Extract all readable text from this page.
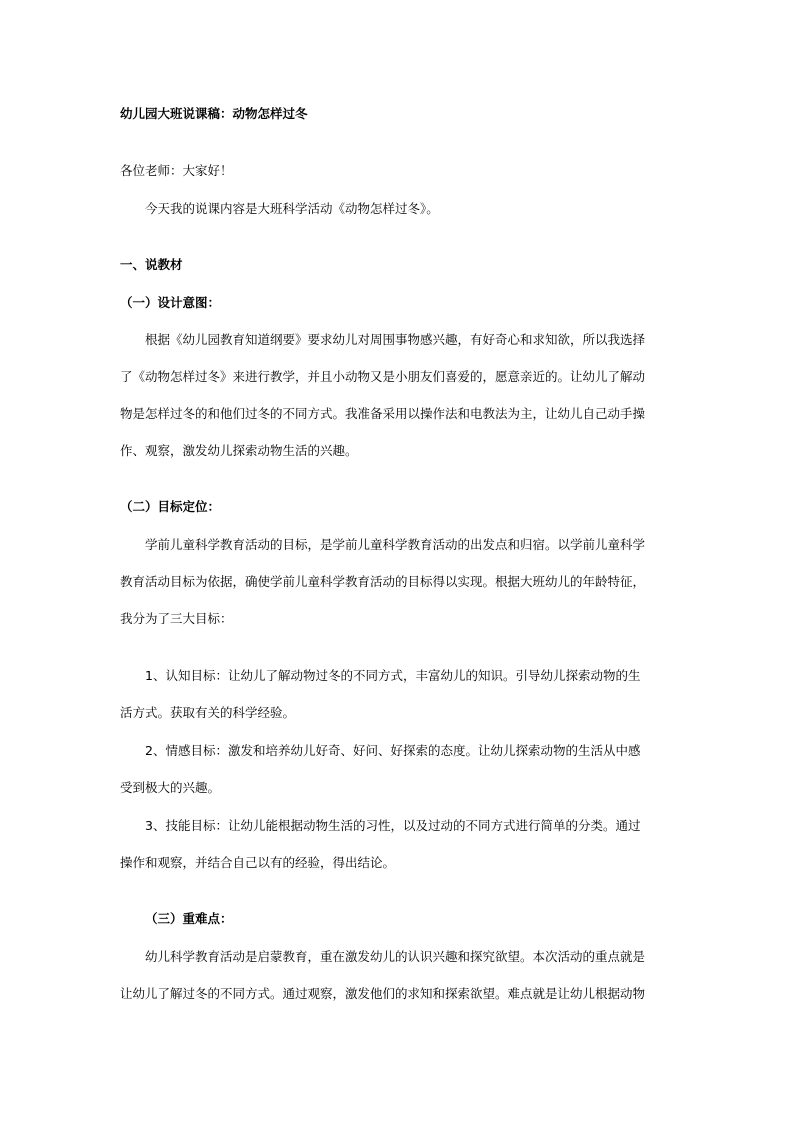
幼儿园大班说课稿：动物怎样过冬
各位老师：大家好！
今天我的说课内容是大班科学活动《动物怎样过冬》。
一、说教材
（一）设计意图：
根据《幼儿园教育知道纲要》要求幼儿对周围事物感兴趣，有好奇心和求知欲，所以我选择
了《动物怎样过冬》来进行教学，并且小动物又是小朋友们喜爱的，愿意亲近的。让幼儿了解动
物是怎样过冬的和他们过冬的不同方式。我准备采用以操作法和电教法为主，让幼儿自己动手操
作、观察，激发幼儿探索动物生活的兴趣。
（二）目标定位：
学前儿童科学教育活动的目标，是学前儿童科学教育活动的出发点和归宿。以学前儿童科学
教育活动目标为依据，确使学前儿童科学教育活动的目标得以实现。根据大班幼儿的年龄特征，
我分为了三大目标：
1、认知目标：让幼儿了解动物过冬的不同方式，丰富幼儿的知识。引导幼儿探索动物的生
活方式。获取有关的科学经验。
2、情感目标：激发和培养幼儿好奇、好问、好探索的态度。让幼儿探索动物的生活从中感
受到极大的兴趣。
3、技能目标：让幼儿能根据动物生活的习性，以及过动的不同方式进行简单的分类。通过
操作和观察，并结合自己以有的经验，得出结论。
（三）重难点：
幼儿科学教育活动是启蒙教育，重在激发幼儿的认识兴趣和探究欲望。本次活动的重点就是
让幼儿了解过冬的不同方式。通过观察，激发他们的求知和探索欲望。难点就是让幼儿根据动物
